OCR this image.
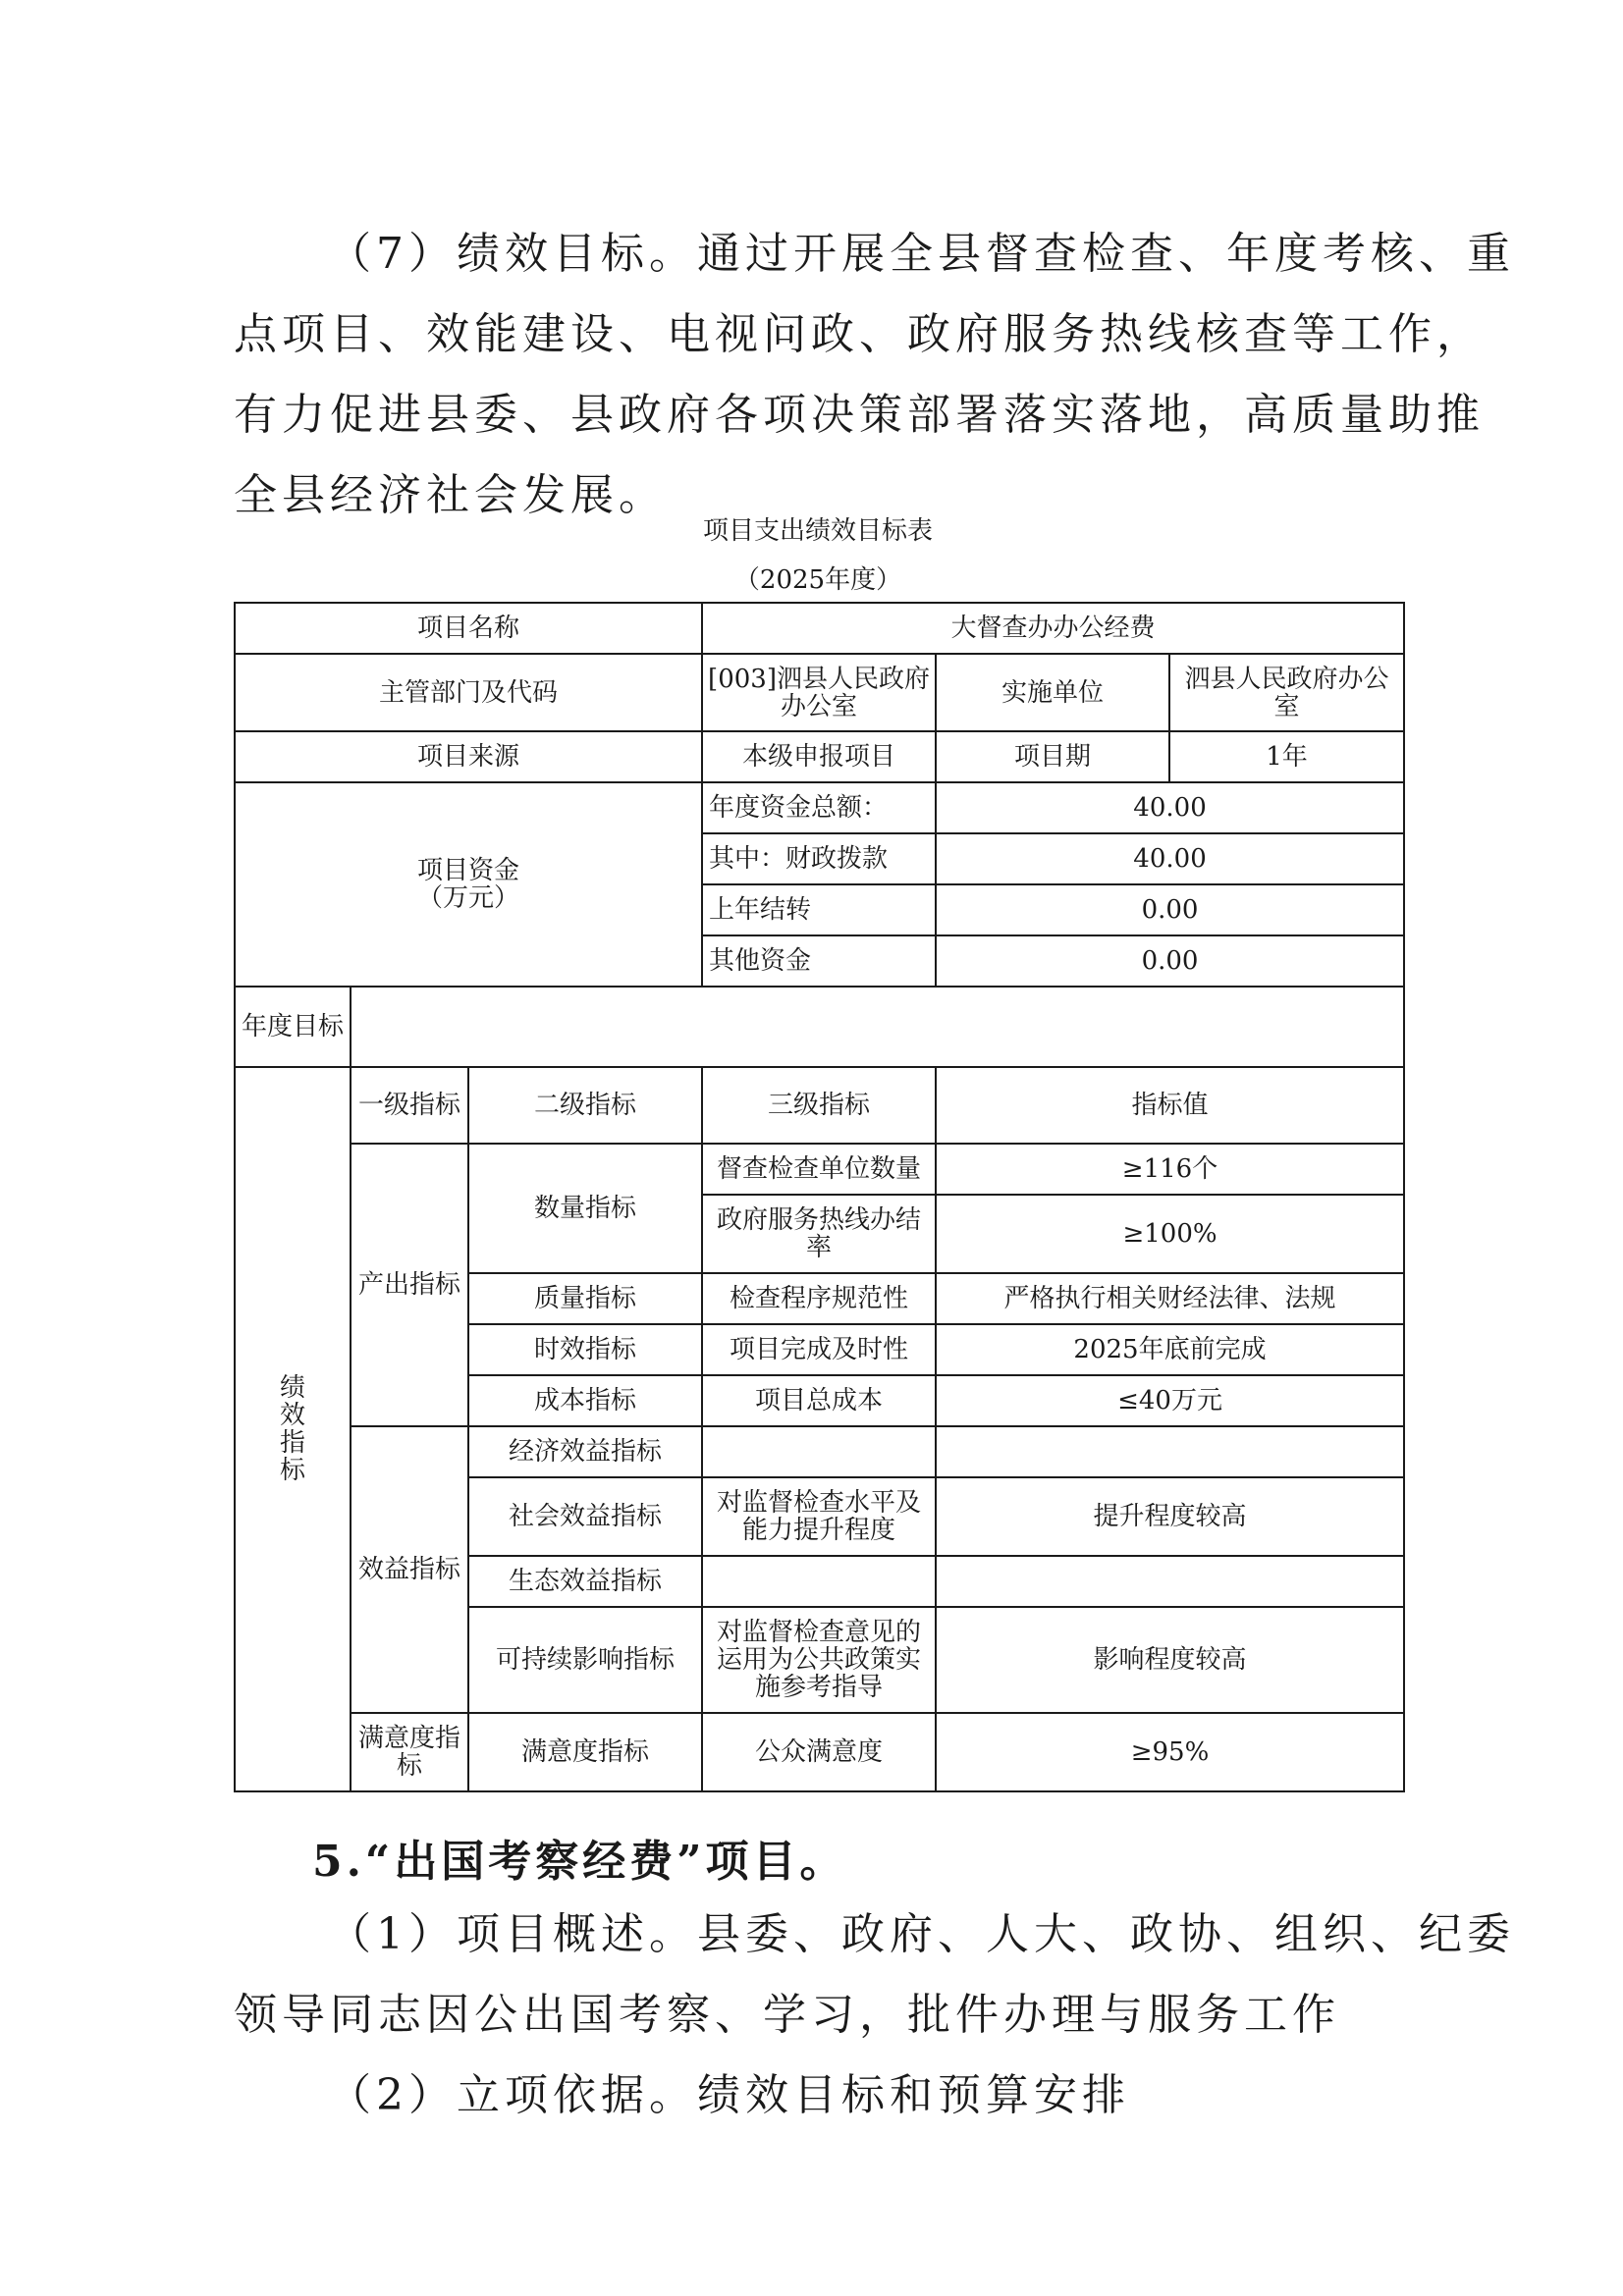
（7）绩效目标。通过开展全县督查检查、年度考核、重
点项目、效能建设、电视问政、政府服务热线核查等工作，
有力促进县委、县政府各项决策部署落实落地，高质量助推
全县经济社会发展。

项目支出绩效目标表

（2025年度）

项目名称			大督查办办公经费		
主管部门及代码			[003]泗县人民政府办公室	实施单位	泗县人民政府办公室
项目来源			本级申报项目	项目期	1年

项目资金
（万元）			年度资金总额：	40.00	
			其中：财政拨款	40.00	
			上年结转	0.00	
			其他资金	0.00	
年度目标					

绩效指标	一级指标	二级指标	三级指标	指标值	
	产出指标	数量指标	督查检查单位数量	≥116个	
			政府服务热线办结率	≥100%	
		质量指标	检查程序规范性	严格执行相关财经法律、法规	
		时效指标	项目完成及时性	2025年底前完成	
		成本指标	项目总成本	≤40万元	
	效益指标	经济效益指标			
		社会效益指标	对监督检查水平及能力提升程度	提升程度较高	
		生态效益指标			
		可持续影响指标	对监督检查意见的运用为公共政策实施参考指导	影响程度较高	
	满意度指标	满意度指标	公众满意度	≥95%	

5.“出国考察经费”项目。

（1）项目概述。县委、政府、人大、政协、组织、纪委
领导同志因公出国考察、学习，批件办理与服务工作
（2）立项依据。绩效目标和预算安排
